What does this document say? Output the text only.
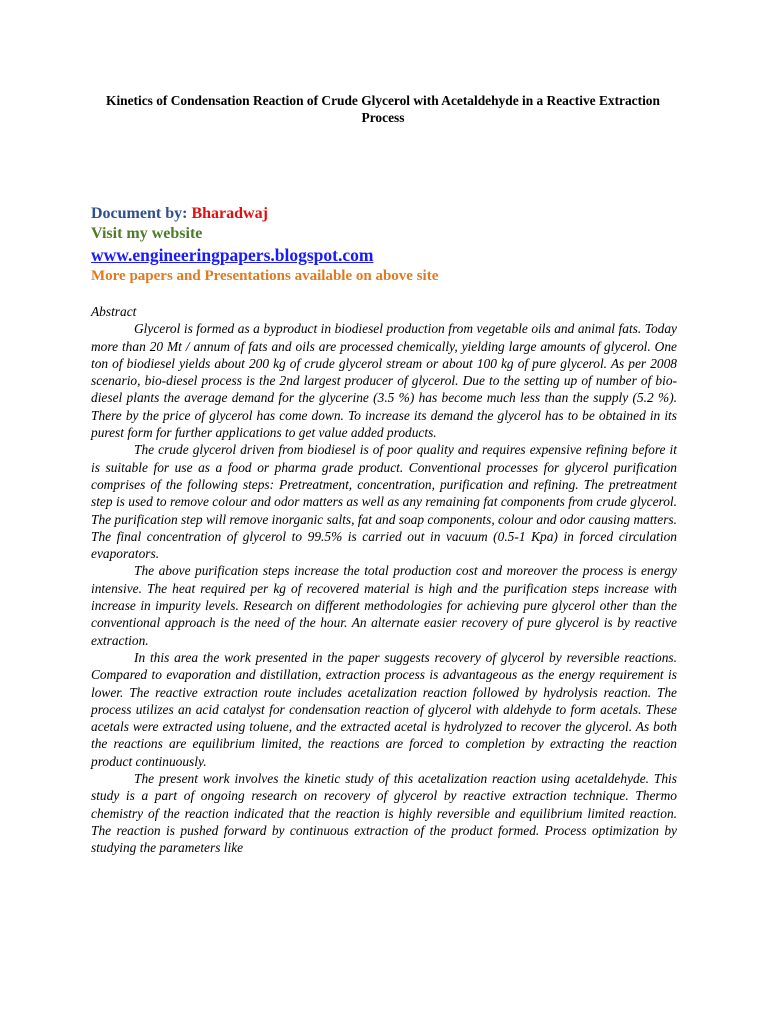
Kinetics of Condensation Reaction of Crude Glycerol with Acetaldehyde in a Reactive Extraction Process
Document by: Bharadwaj
Visit my website
www.engineeringpapers.blogspot.com
More papers and Presentations available on above site

Abstract

Glycerol is formed as a byproduct in biodiesel production from vegetable oils and animal fats. Today more than 20 Mt / annum of fats and oils are processed chemically, yielding large amounts of glycerol. One ton of biodiesel yields about 200 kg of crude glycerol stream or about 100 kg of pure glycerol. As per 2008 scenario, bio-diesel process is the 2nd largest producer of glycerol. Due to the setting up of number of bio-diesel plants the average demand for the glycerine (3.5 %) has become much less than the supply (5.2 %). There by the price of glycerol has come down. To increase its demand the glycerol has to be obtained in its purest form for further applications to get value added products.

The crude glycerol driven from biodiesel is of poor quality and requires expensive refining before it is suitable for use as a food or pharma grade product. Conventional processes for glycerol purification comprises of the following steps: Pretreatment, concentration, purification and refining. The pretreatment step is used to remove colour and odor matters as well as any remaining fat components from crude glycerol. The purification step will remove inorganic salts, fat and soap components, colour and odor causing matters. The final concentration of glycerol to 99.5% is carried out in vacuum (0.5-1 Kpa) in forced circulation evaporators.

The above purification steps increase the total production cost and moreover the process is energy intensive. The heat required per kg of recovered material is high and the purification steps increase with increase in impurity levels. Research on different methodologies for achieving pure glycerol other than the conventional approach is the need of the hour. An alternate easier recovery of pure glycerol is by reactive extraction.

In this area the work presented in the paper suggests recovery of glycerol by reversible reactions. Compared to evaporation and distillation, extraction process is advantageous as the energy requirement is lower. The reactive extraction route includes acetalization reaction followed by hydrolysis reaction. The process utilizes an acid catalyst for condensation reaction of glycerol with aldehyde to form acetals. These acetals were extracted using toluene, and the extracted acetal is hydrolyzed to recover the glycerol. As both the reactions are equilibrium limited, the reactions are forced to completion by extracting the reaction product continuously.

The present work involves the kinetic study of this acetalization reaction using acetaldehyde. This study is a part of ongoing research on recovery of glycerol by reactive extraction technique. Thermo chemistry of the reaction indicated that the reaction is highly reversible and equilibrium limited reaction. The reaction is pushed forward by continuous extraction of the product formed. Process optimization by studying the parameters like
